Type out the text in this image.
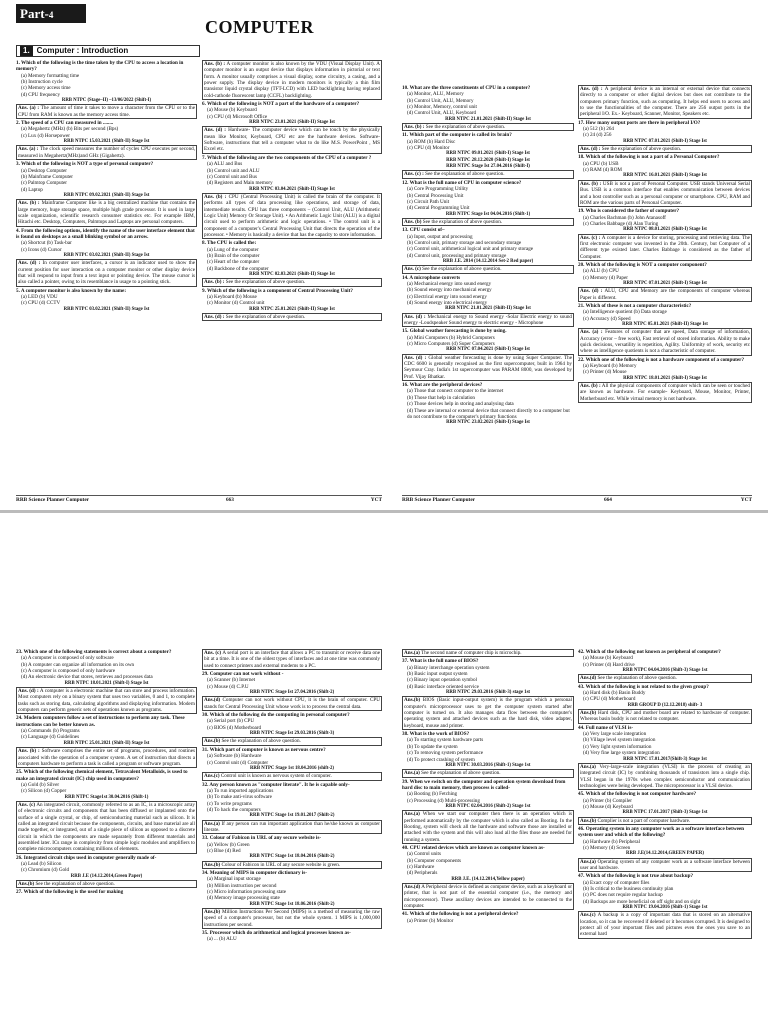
Part-4
COMPUTER
1. Computer : Introduction
1. Which of the following is the time taken by the CPU to access a location in memory?
(a) Memory formatting time
(b) Instruction cycle
(c) Memory access time
(d) CPU frequency
RRB NTPC (Stage–II) –13/06/2022 (Shift-I)
Ans. (a) : The amount of time it takes to move a character from the CPU or to the CPU from RAM is known as the memory access time.
2. The speed of a CPU can measured in ........
(a) Megahertz (MHz) (b) Bits per second (Bps)
(c) Lux (d) Horsepower
RRB NTPC 15.03.2021 (Shift-II) Stage Ist
Ans. (a) : The clock speed measures the number of cycles CPU executes per second, measured in Megahertz(MHz)and GHz (Gigahertz).
3. Which of the following is NOT a type of personal computer?
(a) Desktop Computer
(b) Mainframe Computer
(c) Palmtop Computer
(d) Laptop
RRB NTPC 09.02.2021 (Shift-II) Stage Ist
Ans. (b) : Mainframe Computer like is a big centralized machine that contains the large memory, huge storage space, multiple high grade processor. It is used in large scale organization, scientific research consumer statistics etc. For example IBM, Hitachi etc. Desktop, Computers, Palmtops and Laptops are personal computers.
4. From the following options, identify the name of the user interface element that is found on desktops as a small blinking symbol or an arrow.
(a) Shortcut (b) Task-bar
(c) Icons (d) Cursor
RRB NTPC 03.02.2021 (Shift-II) Stage Ist
Ans. (d) : In computer user interfaces, a cursor is an indicator used to show the current position for user interaction on a computer monitor or other display device that will respond to input from a text input or pointing device. The mouse cursor is also called a pointer, owing to its resemblance in usage to a pointing stick.
5. A computer monitor is also known by the name:
(a) LED (b) VDU
(c) CPU (d) CCTV
RRB NTPC 03.02.2021 (Shift-II) Stage Ist
Ans. (b) : A computer monitor is also known by the VDU (Visual Display Unit). A computer monitor is an output device that displays information in pictorial or text form. A monitor usually comprises a visual display, some circuitry, a casing, and a power supply. The display device in modern monitors is typically a thin film transistor liquid crystal display (TFT-LCD) with LED backlighting having replaced cold-cathode fluorescent lamp (CCFL) backlighting.
6. Which of the following is NOT a part of the hardware of a computer?
(a) Mouse (b) Keyboard
(c) CPU (d) Microsoft Office
RRB NTPC 23.01.2021 (Shift-II) Stage Ist
Ans. (d) : Hardware- The computer device which can be touch by the physically mean like Monitor, Keyboard, CPU etc are the hardware devices. Software- Software, instructions that tell a computer what to do like M.S. PowerPoint , MS Excel etc.
7. Which of the following are the two components of the CPU of a computer ?
(a) ALU and Bus
(b) Control unit and ALU
(c) Control unit and Bus
(d) Registers and Main memory
RRB NTPC 03.04.2021 (Shift-II) Stage Ist
Ans. (b) : CPU (Central Processing Unit) is called the brain of the computer. It performs all types of data processing like operations, and storage of data, intermediate results. CPU has three components – (Control Unit, ALU (Arithmetic Logic Unit) Memory Or Storage Unit). • An Arithmetic Logic Unit (ALU) is a digital circuit used to perform arithmetic and logic operations. • The control unit is a component of a computer's Central Processing Unit that directs the operation of the processor. • Memory is basically a device that has the capacity to store information.
8. The CPU is called the:
(a) Lung of the computer
(b) Brain of the computer
(c) Heart of the computer
(d) Backbone of the computer
RRB NTPC 02.03.2021 (Shift-II) Stage Ist
Ans. (b) : See the explanation of above question.
9. Which of the following is a component of Central Processing Unit?
(a) Keyboard (b) Mouse
(c) Monitor (d) Control unit
RRB NTPC 25.01.2021 (Shift-II) Stage Ist
Ans. (d) : See the explanation of above question.
10. What are the three constituents of CPU in a computer?
(a) Monitor, ALU, Memory
(b) Control Unit, ALU, Memory
(c) Monitor, Memory, control unit
(d) Control Unit, ALU, Keyboard
RRB NTPC 21.01.2021 (Shift-II) Stage Ist
Ans. (b) : See the explanation of above question.
11. Which part of the computer is called its brain?
(a) ROM (b) Hard Disc
(c) CPU (d) Monitor
RRB NTPC 09.01.2021 (Shift-I) Stage Ist
RRB NTPC 28.12.2020 (Shift-I) Stage Ist
RRB NTPC Stage Ist 27.04.2016 (Shift-I)
Ans. (c) : See the explanation of above question.
12. What is the full name of CPU in computer science?
(a) Core Programming Utility
(b) Central Processing Unit
(c) Circuit Path Unit
(d) Central Programming Unit
RRB NTPC Stage Ist 04.04.2016 (Shift-1)
Ans. (b) See the explanation of above question.
13. CPU consist of–
(a) Input, output and processing
(b) Control unit, primary storage and secondary storage
(c) Control unit, arithmetical logical unit and primary storage
(d) Control unit, processing and primary storage
RRB J.E. 2014 (14.12.2014 Set-2 Red paper)
Ans. (c) See the explanation of above question.
14. A microphone converts
(a) Mechanical energy into sound energy
(b) Sound energy into mechanical energy
(c) Electrical energy into sound energy
(d) Sound energy into electrical energy
RRB NTPC 21.01.2021 (Shift-II) Stage Ist
Ans. (d) : Mechanical energy to Sound energy -Solar Electric energy to sound energy -Loudspeaker Sound energy to electric energy - Microphone
15. Global weather forecasting is done by using.
(a) Mini Computers (b) Hybrid Computers
(c) Micro Computers (d) Super Computers
RRB NTPC 07.04.2021 (Shift-I) Stage Ist
Ans. (d) : Global weather forecasting is done by using Super Computer. The CDC 6600 is generally recognised as the first supercomputer, built in 1964 by Seymour Cray. India's 1st supercomputer was PARAM 8000, was developed by Prof. Vijay Bhatkar.
16. What are the peripheral devices?
(a) Those that connect computer to the internet
(b) Those that help in calculation
(c) Those devices help in storing and analysing data
(d) These are internal or external device that connect directly to a computer but do not contribute to the computer's primary functions
RRB NTPC 23.02.2021 (Shift-I) Stage Ist
Ans. (d) : A peripheral device is an internal or external device that connects directly to a computer or other digital devices but does not contribute to the computers primary function, such as computing. It helps end users to access and to use the functionalities of the computer. There are 256 output ports in the peripheral I/O. Ex.- Keyboard, Scanner, Monitor, Speakers etc.
17. How many output ports are there in peripheral I/O?
(a) 512 (b) 264
(c) 24 (d) 256
RRB NTPC 07.01.2021 (Shift-I) Stage Ist
Ans. (d) : See the explanation of above question.
18. Which of the following is not a part of a Personal Computer?
(a) CPU (b) USB
(c) RAM (d) ROM
RRB NTPC 16.01.2021 (Shift-I) Stage Ist
Ans. (b) : USB is not a part of Personal Computer. USB stands Universal Serial Bus. USB is a common interface that enables communication between devices and a host controller such as a personal computer or smartphone. CPU, RAM and ROM are the various parts of Personal Computer.
19. Who is considered the father of computer?
(a) Charles Bachman (b) John Atanasoff
(c) Charles Babbage (d) Alan Turing
RRB NTPC 08.01.2021 (Shift-I) Stage Ist
Ans. (c) : A computer is a device for storing, processing and retrieving data. The first electronic computer was invented in the 20th. Century, but Computer of a different type existed later. Charles Babbage is considered as the father of Computer.
20. Which of the following is NOT a computer component?
(a) ALU (b) CPU
(c) Memory (d) Paper
RRB NTPC 07.01.2021 (Shift-I) Stage Ist
Ans. (d) : ALU, CPU and Memory are the components of computer whereas Paper is different.
21. Which of these is not a computer characteristic?
(a) Intelligence quotient (b) Data storage
(c) Accuracy (d) Speed
RRB NTPC 05.01.2021 (Shift-II) Stage Ist
Ans. (a) : Features of computer that are speed, Data storage of information, Accuracy (error – free work), Fast retrieval of stored information. Ability to make quick decisions, versatility is repetition, Agility. Uniformity of work, security etc where as intelligence quotients is not a characteristic of computer.
22. Which one of the following is not a hardware component of a computer?
(a) Keyboard (b) Memory
(c) Printer (d) Mouse
RRB NTPC 18.01.2021 (Shift-I) Stage Ist
Ans. (b) : All the physical components of computer which can be seen or touched are known as hardware. For example- Keyboard, Mouse, Monitor, Printer, Motherboard etc. While virtual memory is not hardware.
RRB Science Planner Computer	663	YCT	RRB Science Planner Computer	664	YCT
23. Which one of the following statements is correct about a computer?
(a) A computer is composed of only software
(b) A computer can organize all information on its own
(c) A computer is composed of only hardware
(d) An electronic device that stores, retrieves and processes data
RRB NTPC 18.01.2021 (Shift-I) Stage Ist
Ans. (d) : A computer is a electronic machine that can store and process information. Most computers rely on a binary system that uses two variables, 0 and 1, to complete tasks such as storing data, calculating algorithms and displaying information. Modern computers can perform generic sets of operations known as programs.
24. Modern computers follow a set of instructions to perform any task. These instructions can be better known as.
(a) Commands (b) Programs
(c) Language (d) Guidelines
RRB NTPC 25.01.2021 (Shift-II) Stage Ist
Ans. (b) : Software comprises the entire set of programs, procedures, and routines associated with the operation of a computer system. A set of instruction that directs a computers hardware to perform a task is called a program or software program.
25. Which of the following chemical element, Tetravalent Metalloids, is used to make an integrated circuit (IC) chip used in computers?
(a) Gold (b) Silver
(c) Silicon (d) Copper
RRB NTPC Stage1st 30.04.2016 (Shift-1)
Ans. (c) An integrated circuit, commonly referred to as an IC, is a microscopic array of electronic circuits and components that has been diffused or implanted onto the surface of a single crystal, or chip, of semiconducting material such as silicon. It is called an integrated circuit because the components, circuits, and base material are all made together, or integrated, out of a single piece of silicon as opposed to a discrete circuit in which the components are made separately from different materials and assembled later. ICs range in complexity from simple logic modules and amplifiers to complete microcomputers containing millions of elements.
26. Integrated circuit chips used in computer generally made of-
(a) Lead (b) Silicon
(c) Chromium (d) Gold
RRB J.E (14.12.2014,Green Paper)
Ans.(b) See the explanation of above question.
27. Which of the following is the used for making
Ans. (c) A serial port is an interface that allows a PC to transmit or receive data one bit at a time. It is one of the oldest types of interfaces and at one time was commonly used to connect printers and external modems to a PC.
29. Computer can not work without -
(a) Scanner (b) Internet
(c) Mouse (d) C.P.U
RRB NTPC Stage Ist 27.04.2016 (Shift-2)
Ans.(d) Computer can not work without CPU, it is the brain of computer. CPU stands for Central Processing Unit whose work is to process the central data.
30. Which of the following do the computing in personal computer?
(a) Serial port (b) CPU
(c) BIOS (d) Motherboard
RRB NTPC Stage Ist 29.03.2016 (Shift-3)
Ans.(b) See the explanation of above question.
31. Which part of computer is known as nervous centre?
(a) Software (b) Hardware
(c) Control unit (d) Computer
RRB NTPC Stage 1st 18.04.2016 (shift-2)
Ans.(c) Control unit is known as nervous system of computer.
32. Any person known as "computer literate". It he is capable only-
(a) To run imported applications
(b) To make anti-virus software
(c) To write programs
(d) To hack the computers
RRB NTPC Stage 1st 19.01.2017 (Shift-2)
Ans.(a) If any person can run important application than he/she known as computer literate.
33. Colour of Fabicon in URL of any secure website is-
(a) Yellow (b) Green
(c) Blue (d) Red
RRB NTPC Stage 1st 18.04.2016 (Shift-2)
Ans.(b) Colour of Fabicon in URL of any secure website is green.
34. Meaning of MIPS in computer dictionary is-
(a) Marginal input storage
(b) Million instruction per second
(c) Micro information processing state
(d) Memory image processing state
RRB NTPC Stage 1st 18.06.2016 (Shift-2)
Ans.(b) Million Instructions Per Second (MIPS) is a method of measuring the raw speed of a computer's processor, but not the whole system. 1 MIPS is 1,000,000 instructions per second.
35. Processor which do arithmetical and logical processes known as-
(a) ... (b) ALU
Ans.(a) The second name of computer chip is microchip.
37. What is the full name of BIOS?
(a) Binary interchange operation system
(b) Basic input output system
(c) Binary input operation symbol
(d) Basic interface oriented service
RRB NTPC 29.03.2016 (Shift-3) stage 1st
Ans.(b) BIOS (Basic input-output system) is the program which a personal computer's microprocessor uses to get the computer system started after computer is turned on. It also manages data flow between the computer's operating system and attached devices such as the hard disk, video adapter, keyboard, mouse and printer.
38. What is the work of BIOS?
(a) To starting system hardware parts
(b) To update the system
(c) To removing system performance
(d) To protect crashing of system
RRB NTPC 30.03.2016 (Shift-1) Stage 1st
Ans.(a) See the explanation of above question.
39. When we switch on the computer and operation system download from hard disc to main memory, then process is called-
(a) Booting (b) Fetching
(c) Processing (d) Multi-processing
RRB NTPC 02.04.2016 (Shift-2) Stage 1st
Ans.(a) When we start our computer then there is an operation which is performed automatically by the computer which is also called as Booting. In the Booting, system will check all the hardware and software those are installed or attached with the system and this will also load all the files those are needed for running a system.
40. CPU related devices which are known as computer known as-
(a) Control units
(b) Computer components
(c) Hardware
(d) Peripherals
RRB J.E. (14.12.2014,Yellow paper)
Ans.(d) A Peripheral device is defined as computer device, such as a keyboard or printer, that is not part of the essential computer (i.e., the memory and microprocessor). These auxiliary devices are intended to be connected to the computer.
41. Which of the following is not a peripheral device?
(a) Printer (b) Monitor
42. Which of the following not known as peripheral of computer?
(a) Mouse (b) Keyboard
(c) Printer (d) Hard drive
RRB NTPC 04.04.2016 (Shift-3) Stage 1st
Ans.(d) See the explanation of above question.
43. Which of the following is not related to the given group?
(a) Hard disk (b) Basin Buddy
(c) CPU (d) Motherboard
RRB GROUP D (12.12.2018) shift- 3
Ans.(b) Hard disk, CPU and mother board are related to hardware of computer. Whereas basin buddy is not related to computer.
44. Full name of VLSI is-
(a) Very large scale integration
(b) Village level system integration
(c) Very light system information
(d) Very fine large system integration
RRB NTPC 17.01.2017(Shift-3) Stage 1st
Ans.(a) Very-large-scale integration (VLSI) is the process of creating an integrated circuit (IC) by combining thousands of transistors into a single chip. VLSI began in the 1970s when complex semiconductor and communication technologies were being developed. The microprocessor is a VLSI device.
45. Which of the following is not computer hardware?
(a) Printer (b) Compiler
(c) Mouse (d) Keyboard
RRB NTPC 17.01.2017 (Shift-3) Stage 1st
Ans.(b) Complier is not a part of computer hardware.
46. Operating system in any computer work as a software interface between system user and which of the following?
(a) Hardware (b) Peripheral
(c) Memory (d) Screen
RRB J.E(14.12.2014,GREEN PAPER)
Ans.(a) Operating system of any computer work as a software interface between user and hardware.
47. Which of the following is not true about backup?
(a) Exact copy of computer files
(b) Is critical to the business continuity plan
(c) PC does not require regular backup
(d) Backups are more beneficial on off sight and on sight
RRB NTPC 19.04.2016 (Shift-1) Stage 1st
Ans.(c) A backup is a copy of important data that is stored on an alternative location, so it can be recovered if deleted or it becomes corrupted. It is designed to protect all of your important files and pictures even the ones you save to an external hard
